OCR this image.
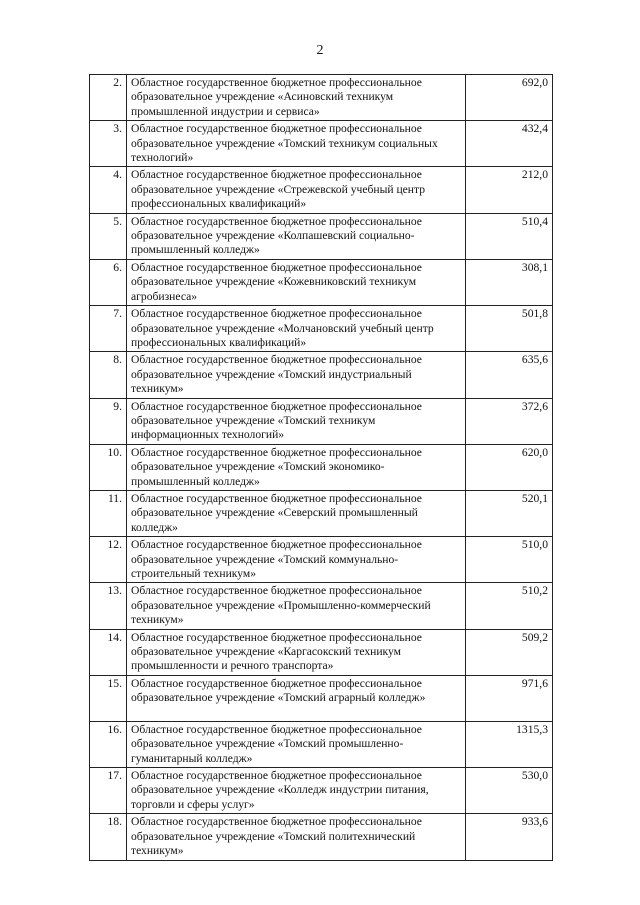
2
2.	Областное государственное бюджетное профессиональное образовательное учреждение «Асиновский техникум промышленной индустрии и сервиса»	692,0
3.	Областное государственное бюджетное профессиональное образовательное учреждение «Томский техникум социальных технологий»	432,4
4.	Областное государственное бюджетное профессиональное образовательное учреждение «Стрежевской учебный центр профессиональных квалификаций»	212,0
5.	Областное государственное бюджетное профессиональное образовательное учреждение «Колпашевский социально-промышленный колледж»	510,4
6.	Областное государственное бюджетное профессиональное образовательное учреждение «Кожевниковский техникум агробизнеса»	308,1
7.	Областное государственное бюджетное профессиональное образовательное учреждение «Молчановский учебный центр профессиональных квалификаций»	501,8
8.	Областное государственное бюджетное профессиональное образовательное учреждение «Томский индустриальный техникум»	635,6
9.	Областное государственное бюджетное профессиональное образовательное учреждение «Томский техникум информационных технологий»	372,6
10.	Областное государственное бюджетное профессиональное образовательное учреждение «Томский экономико-промышленный колледж»	620,0
11.	Областное государственное бюджетное профессиональное образовательное учреждение «Северский промышленный колледж»	520,1
12.	Областное государственное бюджетное профессиональное образовательное учреждение «Томский коммунально-строительный техникум»	510,0
13.	Областное государственное бюджетное профессиональное образовательное учреждение «Промышленно-коммерческий техникум»	510,2
14.	Областное государственное бюджетное профессиональное образовательное учреждение «Каргасокский техникум промышленности и речного транспорта»	509,2
15.	Областное государственное бюджетное профессиональное образовательное учреждение «Томский аграрный колледж»	971,6
16.	Областное государственное бюджетное профессиональное образовательное учреждение «Томский промышленно-гуманитарный колледж»	1315,3
17.	Областное государственное бюджетное профессиональное образовательное учреждение «Колледж индустрии питания, торговли и сферы услуг»	530,0
18.	Областное государственное бюджетное профессиональное образовательное учреждение «Томский политехнический техникум»	933,6
